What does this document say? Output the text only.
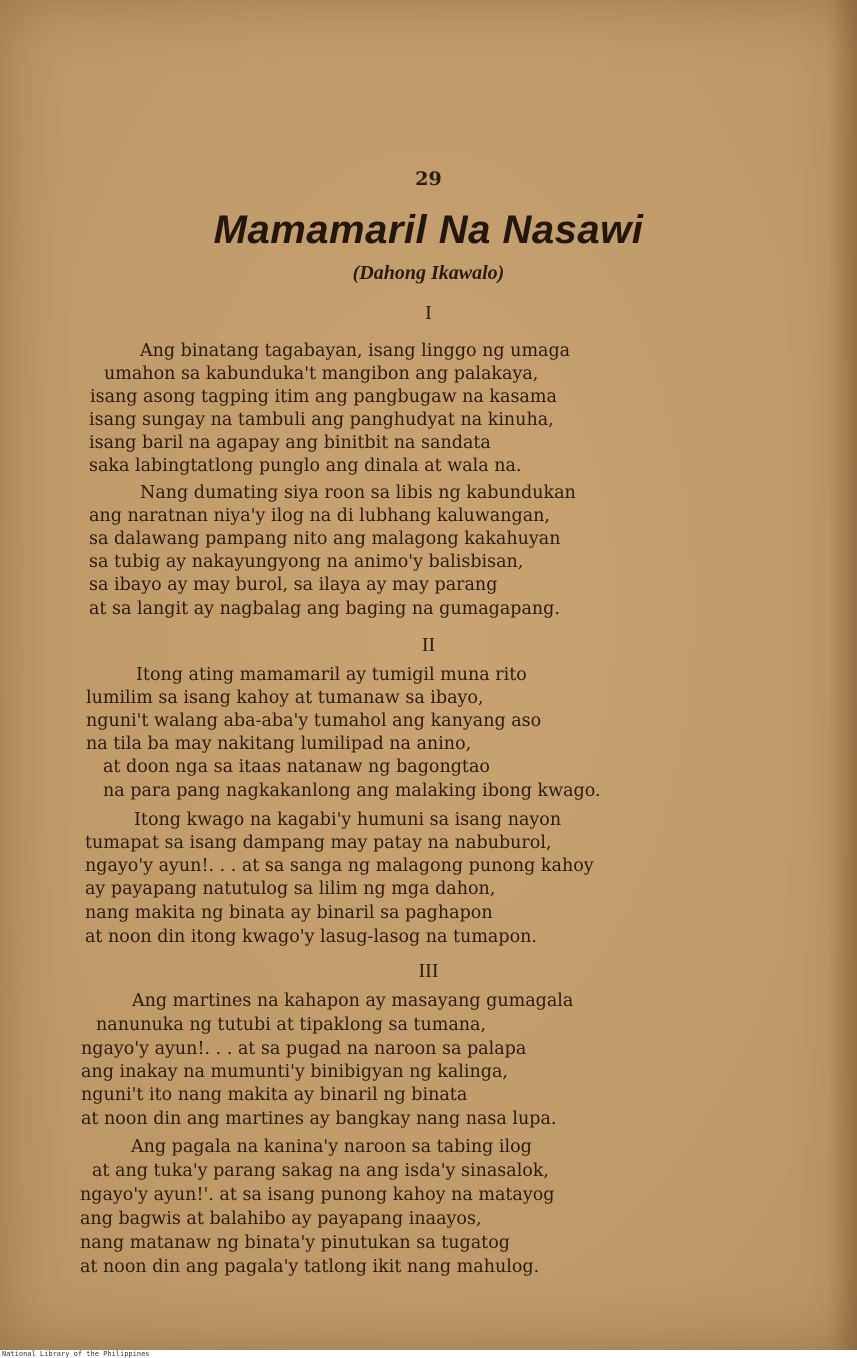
29
Mamamaril Na Nasawi
(Dahong Ikawalo)
I
II
III
Ang binatang tagabayan, isang linggo ng umaga
umahon sa kabunduka't mangibon ang palakaya,
isang asong tagping itim ang pangbugaw na kasama
isang sungay na tambuli ang panghudyat na kinuha,
isang baril na agapay ang binitbit na sandata
saka labingtatlong punglo ang dinala at wala na.
Nang dumating siya roon sa libis ng kabundukan
ang naratnan niya'y ilog na di lubhang kaluwangan,
sa dalawang pampang nito ang malagong kakahuyan
sa tubig ay nakayungyong na animo'y balisbisan,
sa ibayo ay may burol, sa ilaya ay may parang
at sa langit ay nagbalag ang baging na gumagapang.
Itong ating mamamaril ay tumigil muna rito
lumilim sa isang kahoy at tumanaw sa ibayo,
nguni't walang aba-aba'y tumahol ang kanyang aso
na tila ba may nakitang lumilipad na anino,
at doon nga sa itaas natanaw ng bagongtao
na para pang nagkakanlong ang malaking ibong kwago.
Itong kwago na kagabi'y humuni sa isang nayon
tumapat sa isang dampang may patay na nabuburol,
ngayo'y ayun!. . . at sa sanga ng malagong punong kahoy
ay payapang natutulog sa lilim ng mga dahon,
nang makita ng binata ay binaril sa paghapon
at noon din itong kwago'y lasug-lasog na tumapon.
Ang martines na kahapon ay masayang gumagala
nanunuka ng tutubi at tipaklong sa tumana,
ngayo'y ayun!. . . at sa pugad na naroon sa palapa
ang inakay na mumunti'y binibigyan ng kalinga,
nguni't ito nang makita ay binaril ng binata
at noon din ang martines ay bangkay nang nasa lupa.
Ang pagala na kanina'y naroon sa tabing ilog
at ang tuka'y parang sakag na ang isda'y sinasalok,
ngayo'y ayun!'. at sa isang punong kahoy na matayog
ang bagwis at balahibo ay payapang inaayos,
nang matanaw ng binata'y pinutukan sa tugatog
at noon din ang pagala'y tatlong ikit nang mahulog.
National Library of the Philippines
